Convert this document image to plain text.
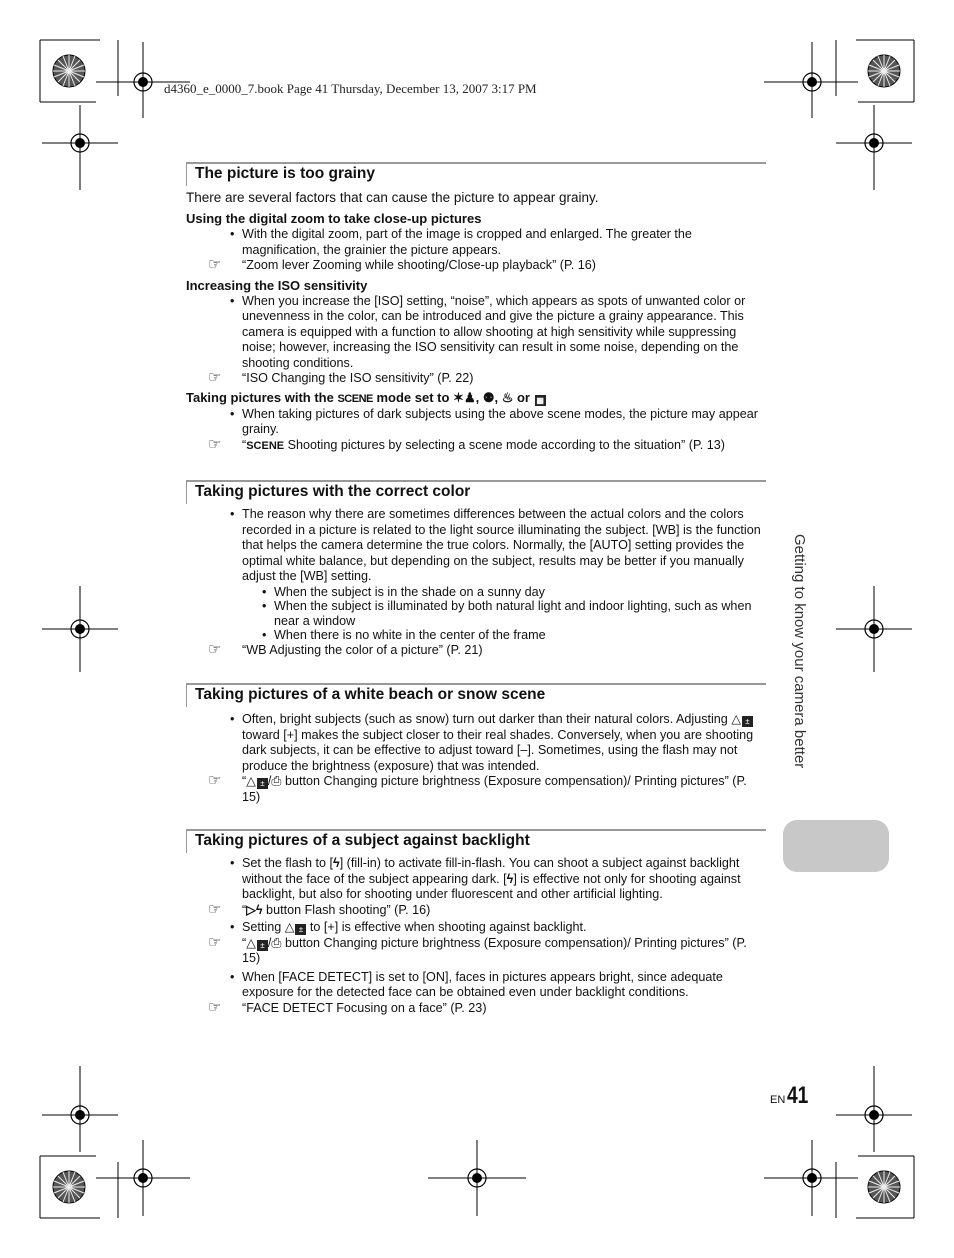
d4360_e_0000_7.book Page 41 Thursday, December 13, 2007 3:17 PM
The picture is too grainy
There are several factors that can cause the picture to appear grainy.
Using the digital zoom to take close-up pictures
• With the digital zoom, part of the image is cropped and enlarged. The greater the magnification, the grainier the picture appears.
☞ “Zoom lever Zooming while shooting/Close-up playback” (P. 16)
Increasing the ISO sensitivity
• When you increase the [ISO] setting, “noise”, which appears as spots of unwanted color or unevenness in the color, can be introduced and give the picture a grainy appearance. This camera is equipped with a function to allow shooting at high sensitivity while suppressing noise; however, increasing the ISO sensitivity can result in some noise, depending on the shooting conditions.
☞ “ISO Changing the ISO sensitivity” (P. 22)
Taking pictures with the SCENE mode set to ✶♟, ⚉, ♨ or ▦
• When taking pictures of dark subjects using the above scene modes, the picture may appear grainy.
☞ “SCENE Shooting pictures by selecting a scene mode according to the situation” (P. 13)
Taking pictures with the correct color
• The reason why there are sometimes differences between the actual colors and the colors recorded in a picture is related to the light source illuminating the subject. [WB] is the function that helps the camera determine the true colors. Normally, the [AUTO] setting provides the optimal white balance, but depending on the subject, results may be better if you manually adjust the [WB] setting.
• When the subject is in the shade on a sunny day
• When the subject is illuminated by both natural light and indoor lighting, such as when near a window
• When there is no white in the center of the frame
☞ “WB Adjusting the color of a picture” (P. 21)
Taking pictures of a white beach or snow scene
• Often, bright subjects (such as snow) turn out darker than their natural colors. Adjusting △ ± toward [+] makes the subject closer to their real shades. Conversely, when you are shooting dark subjects, it can be effective to adjust toward [–]. Sometimes, using the flash may not produce the brightness (exposure) that was intended.
☞ “△ ± /⎙ button Changing picture brightness (Exposure compensation)/ Printing pictures” (P. 15)
Taking pictures of a subject against backlight
• Set the flash to [ϟ] (fill-in) to activate fill-in-flash. You can shoot a subject against backlight without the face of the subject appearing dark. [ϟ] is effective not only for shooting against backlight, but also for shooting under fluorescent and other artificial lighting.
☞ “▷ϟ button Flash shooting” (P. 16)
• Setting △ ± to [+] is effective when shooting against backlight.
☞ “△ ± /⎙ button Changing picture brightness (Exposure compensation)/ Printing pictures” (P. 15)
• When [FACE DETECT] is set to [ON], faces in pictures appears bright, since adequate exposure for the detected face can be obtained even under backlight conditions.
☞ “FACE DETECT Focusing on a face” (P. 23)
Getting to know your camera better
EN41
